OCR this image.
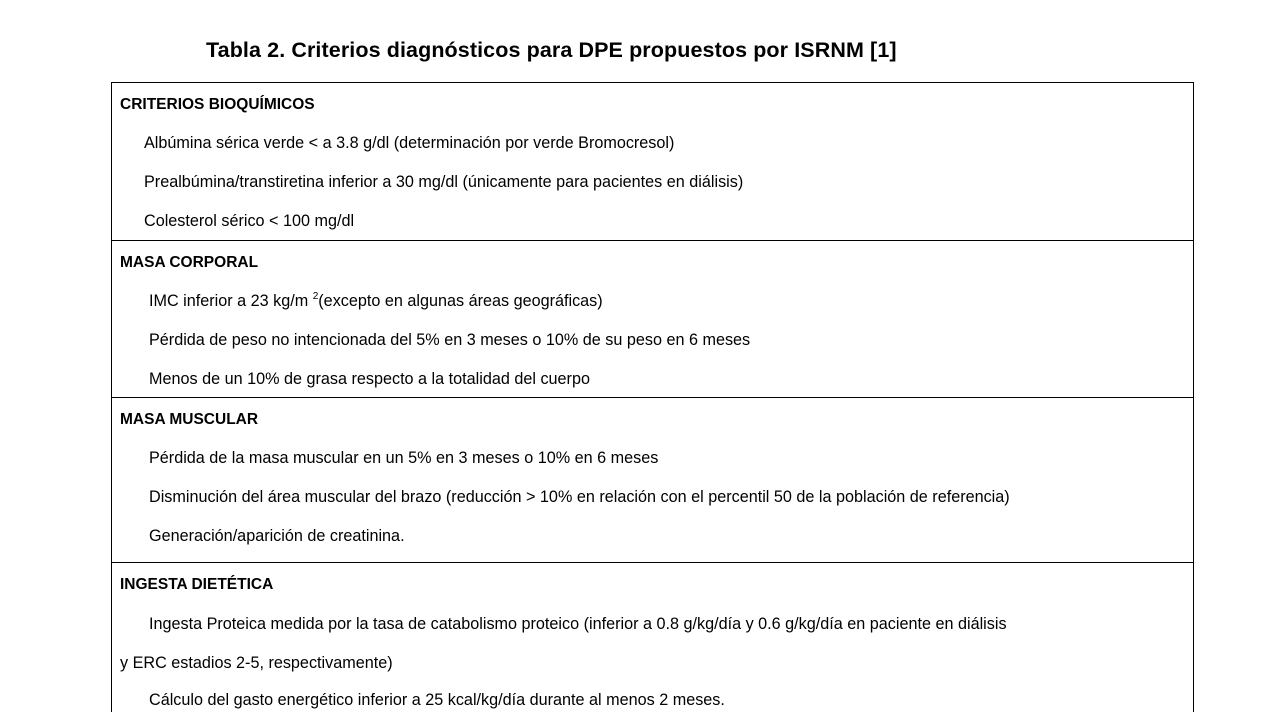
Tabla 2. Criterios diagnósticos para DPE propuestos por ISRNM [1]
CRITERIOS BIOQUÍMICOS
Albúmina sérica verde < a 3.8 g/dl (determinación por verde Bromocresol)
Prealbúmina/transtiretina inferior a 30 mg/dl (únicamente para pacientes en diálisis)
Colesterol sérico < 100 mg/dl
MASA CORPORAL
IMC inferior a 23 kg/m $^2$(excepto en algunas áreas geográficas)
Pérdida de peso no intencionada del 5% en 3 meses o 10% de su peso en 6 meses
Menos de un 10% de grasa respecto a la totalidad del cuerpo
MASA MUSCULAR
Pérdida de la masa muscular en un 5% en 3 meses o 10% en 6 meses
Disminución del área muscular del brazo (reducción > 10% en relación con el percentil 50 de la población de referencia)
Generación/aparición de creatinina.
INGESTA DIETÉTICA
Ingesta Proteica medida por la tasa de catabolismo proteico (inferior a 0.8 g/kg/día y 0.6 g/kg/día en paciente en diálisis
y ERC estadios 2-5, respectivamente)
Cálculo del gasto energético inferior a 25 kcal/kg/día durante al menos 2 meses.
